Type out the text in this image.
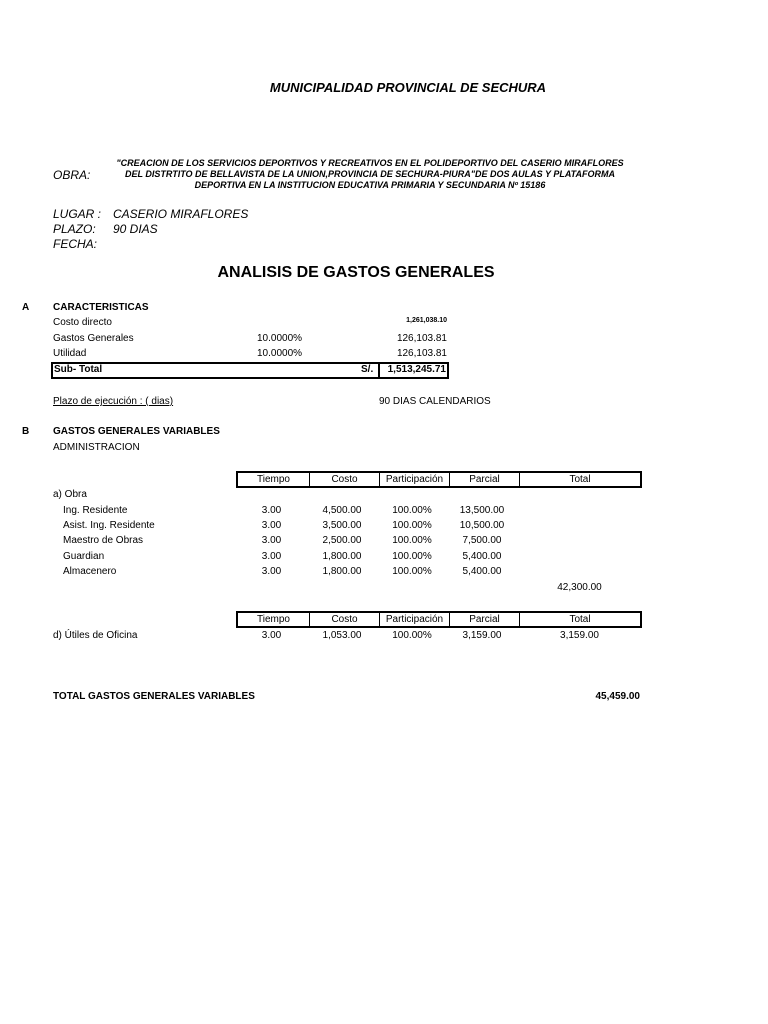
MUNICIPALIDAD PROVINCIAL DE SECHURA
OBRA:
"CREACION DE LOS SERVICIOS DEPORTIVOS Y RECREATIVOS EN EL POLIDEPORTIVO DEL CASERIO MIRAFLORES DEL DISTRTITO DE BELLAVISTA DE LA UNION,PROVINCIA DE SECHURA-PIURA"DE DOS AULAS Y PLATAFORMA DEPORTIVA EN LA INSTITUCION EDUCATIVA PRIMARIA Y SECUNDARIA Nº 15186
LUGAR : CASERIO MIRAFLORES
PLAZO: 90 DIAS
FECHA:
ANALISIS DE GASTOS GENERALES
A CARACTERISTICAS
Costo directo	1,261,038.10
Gastos Generales	10.0000%	126,103.81
Utilidad	10.0000%	126,103.81
Sub- Total	S/.	1,513,245.71
Plazo de ejecución : ( dias)	90 DIAS CALENDARIOS
B GASTOS GENERALES VARIABLES
ADMINISTRACION
Tiempo	Costo	Participación	Parcial	Total
a) Obra
Ing. Residente	3.00	4,500.00	100.00%	13,500.00
Asist. Ing. Residente	3.00	3,500.00	100.00%	10,500.00
Maestro de Obras	3.00	2,500.00	100.00%	7,500.00
Guardian	3.00	1,800.00	100.00%	5,400.00
Almacenero	3.00	1,800.00	100.00%	5,400.00
42,300.00
Tiempo	Costo	Participación	Parcial	Total
d) Útiles de Oficina	3.00	1,053.00	100.00%	3,159.00	3,159.00
TOTAL GASTOS GENERALES VARIABLES	45,459.00
